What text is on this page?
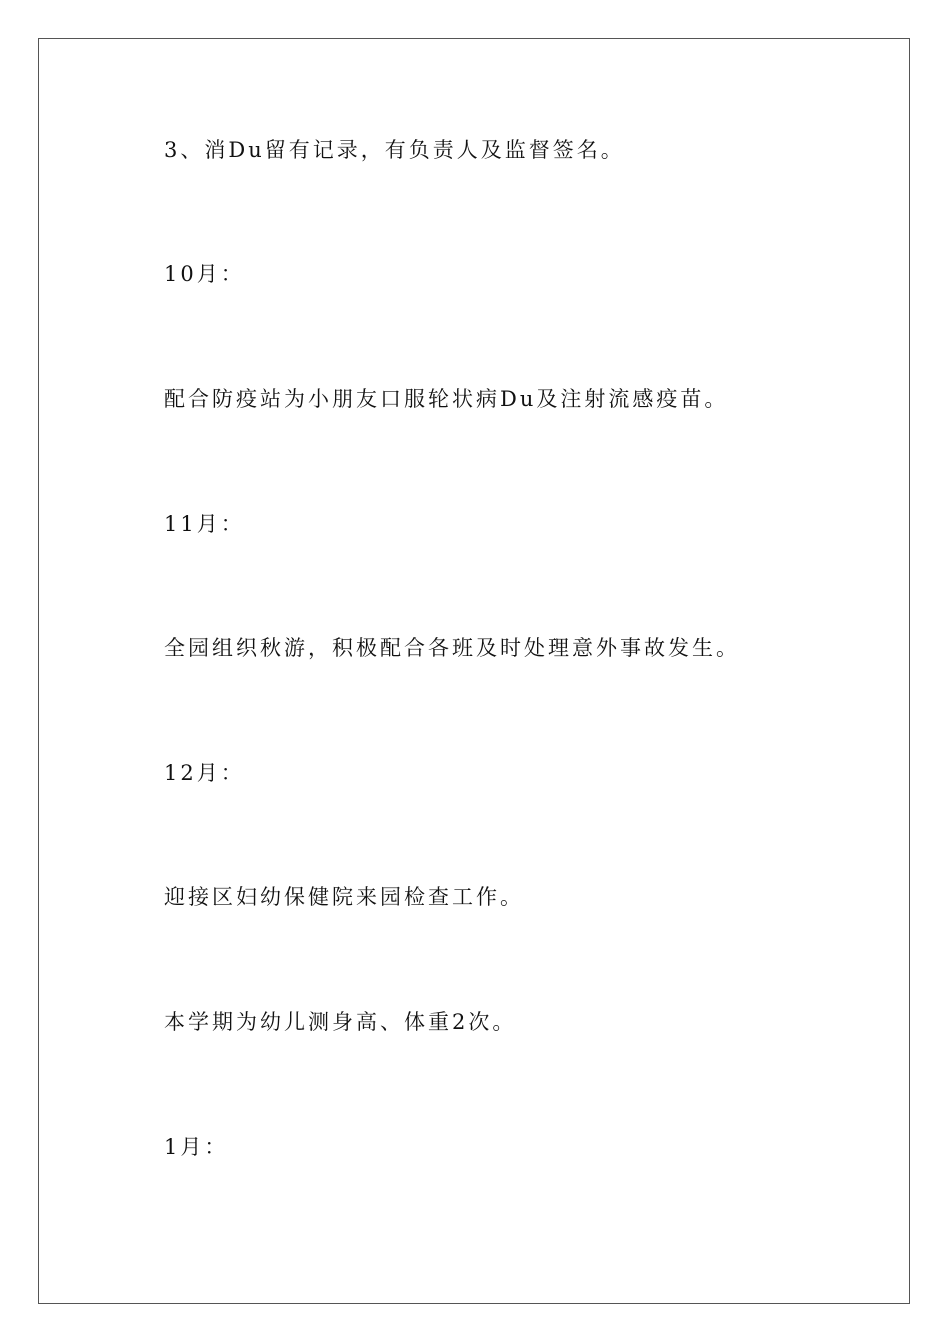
3、消Du留有记录，有负责人及监督签名。
10月：
配合防疫站为小朋友口服轮状病Du及注射流感疫苗。
11月：
全园组织秋游，积极配合各班及时处理意外事故发生。
12月：
迎接区妇幼保健院来园检查工作。
本学期为幼儿测身高、体重2次。
1月：
